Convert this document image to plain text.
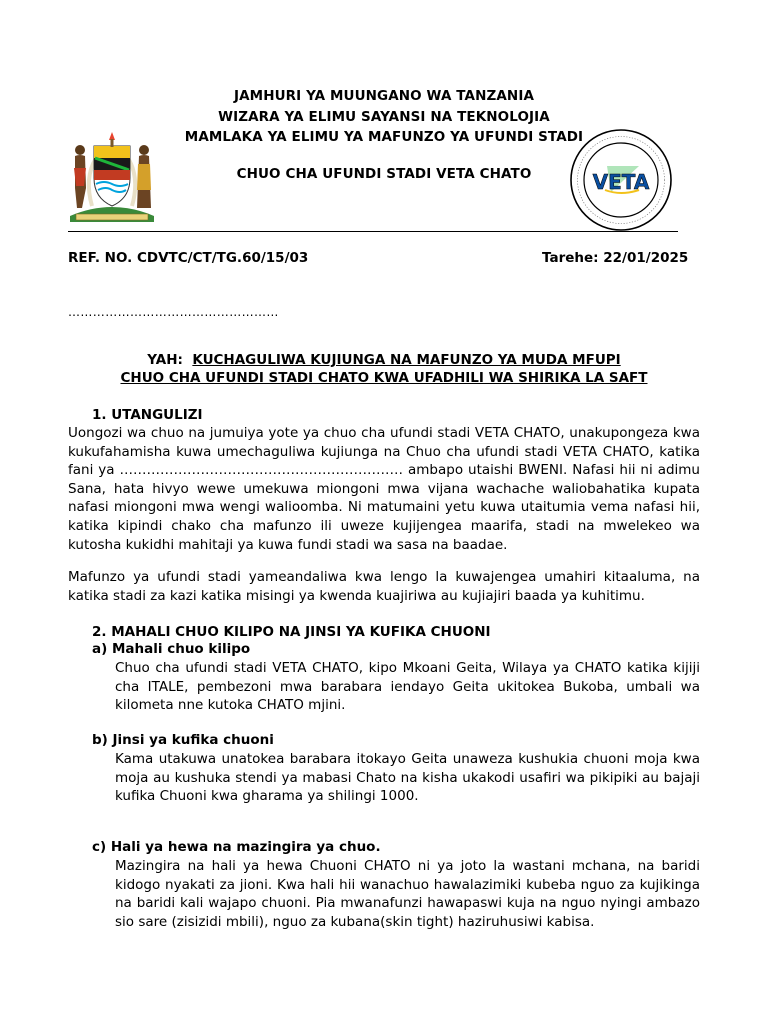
JAMHURI YA MUUNGANO WA TANZANIA
WIZARA YA ELIMU SAYANSI NA TEKNOLOJIA
MAMLAKA YA ELIMU YA MAFUNZO YA UFUNDI STADI
CHUO CHA UFUNDI STADI VETA CHATO	VETA
REF. NO. CDVTC/CT/TG.60/15/03	Tarehe: 22/01/2025
……………………………………………
YAH: KUCHAGULIWA KUJIUNGA NA MAFUNZO YA MUDA MFUPI
CHUO CHA UFUNDI STADI CHATO KWA UFADHILI WA SHIRIKA LA SAFT
1. UTANGULIZI

Uongozi wa chuo na jumuiya yote ya chuo cha ufundi stadi VETA CHATO, unakupongeza kwa kukufahamisha kuwa umechaguliwa kujiunga na Chuo cha ufundi stadi VETA CHATO, katika fani ya ……………………………………………………… ambapo utaishi BWENI. Nafasi hii ni adimu Sana, hata hivyo wewe umekuwa miongoni mwa vijana wachache waliobahatika kupata nafasi miongoni mwa wengi walioomba. Ni matumaini yetu kuwa utaitumia vema nafasi hii, katika kipindi chako cha mafunzo ili uweze kujijengea maarifa, stadi na mwelekeo wa kutosha kukidhi mahitaji ya kuwa fundi stadi wa sasa na baadae.

Mafunzo ya ufundi stadi yameandaliwa kwa lengo la kuwajengea umahiri kitaaluma, na katika stadi za kazi katika misingi ya kwenda kuajiriwa au kujiajiri baada ya kuhitimu.

2. MAHALI CHUO KILIPO NA JINSI YA KUFIKA CHUONI
a) Mahali chuo kilipo

Chuo cha ufundi stadi VETA CHATO, kipo Mkoani Geita, Wilaya ya CHATO katika kijiji cha ITALE, pembezoni mwa barabara iendayo Geita ukitokea Bukoba, umbali wa kilometa nne kutoka CHATO mjini.

b) Jinsi ya kufika chuoni

Kama utakuwa unatokea barabara itokayo Geita unaweza kushukia chuoni moja kwa moja au kushuka stendi ya mabasi Chato na kisha ukakodi usafiri wa pikipiki au bajaji kufika Chuoni kwa gharama ya shilingi 1000.

c) Hali ya hewa na mazingira ya chuo.

Mazingira na hali ya hewa Chuoni CHATO ni ya joto la wastani mchana, na baridi kidogo nyakati za jioni. Kwa hali hii wanachuo hawalazimiki kubeba nguo za kujikinga na baridi kali wajapo chuoni. Pia mwanafunzi hawapaswi kuja na nguo nyingi ambazo sio sare (zisizidi mbili), nguo za kubana(skin tight) haziruhusiwi kabisa.
